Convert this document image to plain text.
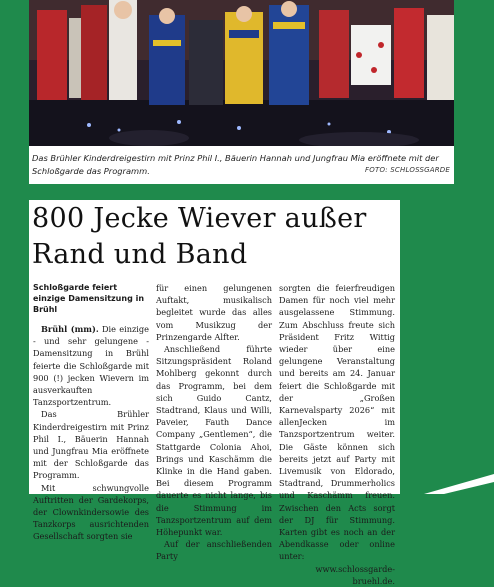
Das Brühler Kinderdreigestirn mit Prinz Phil I., Bäuerin Hannah und Jungfrau Mia eröffnete mit der Schloßgarde das Programm.	FOTO: SCHLOSSGARDE
800 Jecke Wiever außer
Rand und Band
Schloßgarde feiert einzige Damensitzung in Brühl

Brühl (mm). Die einzige - und sehr gelungene - Damensitzung in Brühl feierte die Schloßgarde mit 900 (!) jecken Wievern im ausverkauften Tanzsportzentrum.

Das Brühler Kinderdreigestirn mit Prinz Phil I., Bäuerin Hannah und Jungfrau Mia eröffnete mit der Schloßgarde das Programm.

Mit schwungvolle Auftritten der Gardekorps, der Clownkindersowie des Tanzkorps ausrichtenden Gesellschaft sorgten sie

für einen gelungenen Auftakt, musikalisch begleitet wurde das alles vom Musikzug der Prinzengarde Alfter.

Anschließend führte Sitzungspräsident Roland Mohlberg gekonnt durch das Programm, bei dem sich Guido Cantz, Stadtrand, Klaus und Willi, Paveier, Fauth Dance Company „Gentlemen“, die Stattgarde Colonia Ahoi, Brings und Kaschämm die Klinke in die Hand gaben. Bei diesem Programm dauerte es nicht lange, bis die Stimmung im Tanzsportzentrum auf dem Höhepunkt war.

Auf der anschließenden Party

sorgten die feierfreudigen Damen für noch viel mehr ausgelassene Stimmung. Zum Abschluss freute sich Präsident Fritz Wittig wieder über eine gelungene Veranstaltung und bereits am 24. Januar feiert die Schloßgarde mit der „Großen Karnevalsparty 2026“ mit allenJecken im Tanzsportzentrum weiter. Die Gäste können sich bereits jetzt auf Party mit Livemusik von Eldorado, Stadtrand, Drummerholics und Kaschämm freuen. Zwischen den Acts sorgt der DJ für Stimmung. Karten gibt es noch an der Abendkasse oder online unter:

www.schlossgarde-bruehl.de.
